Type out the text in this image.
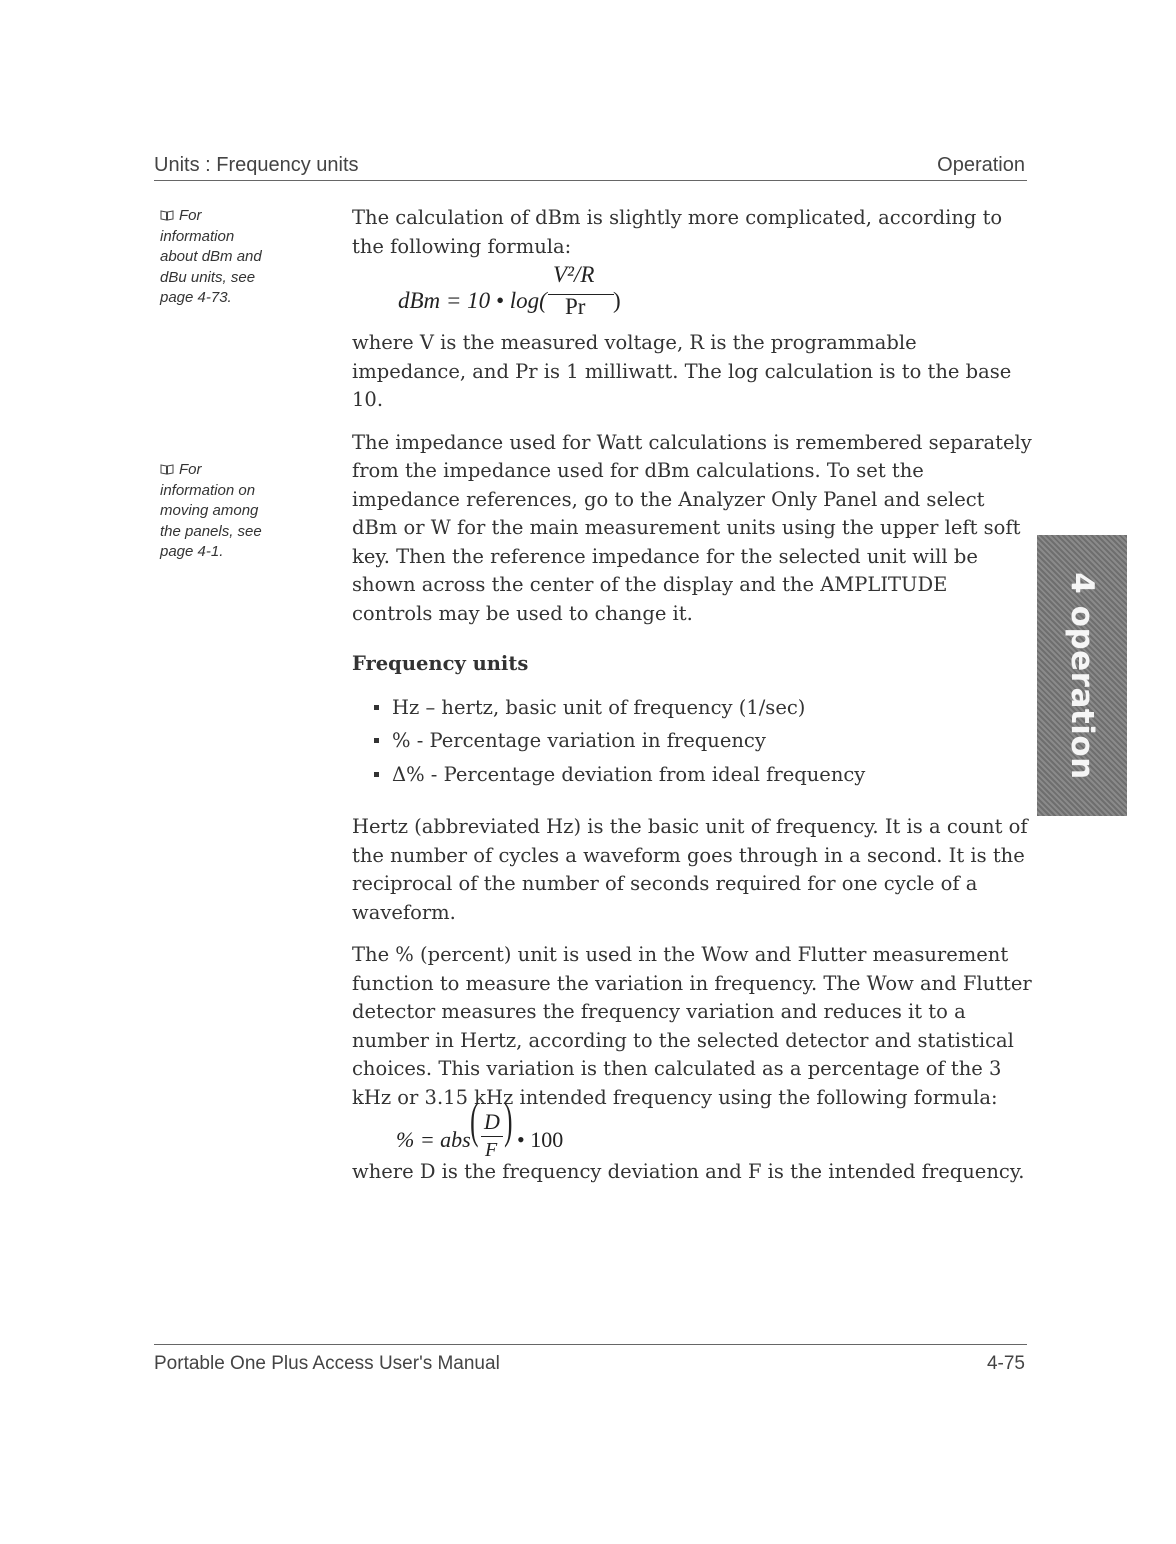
Units : Frequency units	Operation
For
information
about dBm and
dBu units, see
page 4-73.
For
information on
moving among
the panels, see
page 4-1.

The calculation of dBm is slightly more complicated, according to the following formula:

dBm = 10 • log(
V²/R
Pr )

where V is the measured voltage, R is the programmable impedance, and Pr is 1 milliwatt. The log calculation is to the base 10.

The impedance used for Watt calculations is remembered separately from the impedance used for dBm calculations. To set the impedance references, go to the Analyzer Only Panel and select dBm or W for the main measurement units using the upper left soft key. Then the reference impedance for the selected unit will be shown across the center of the display and the AMPLITUDE controls may be used to change it.

Frequency units
Hz – hertz, basic unit of frequency (1/sec)
% - Percentage variation in frequency
Δ% - Percentage deviation from ideal frequency

Hertz (abbreviated Hz) is the basic unit of frequency. It is a count of the number of cycles a waveform goes through in a second. It is the reciprocal of the number of seconds required for one cycle of a waveform.

The % (percent) unit is used in the Wow and Flutter measurement function to measure the variation in frequency. The Wow and Flutter detector measures the frequency variation and reduces it to a number in Hertz, according to the selected detector and statistical choices. This variation is then calculated as a percentage of the 3 kHz or 3.15 kHz intended frequency using the following formula:

% = abs ( D
F
) • 100

where D is the frequency deviation and F is the intended frequency.

4 operation
Portable One Plus Access User's Manual	4-75
